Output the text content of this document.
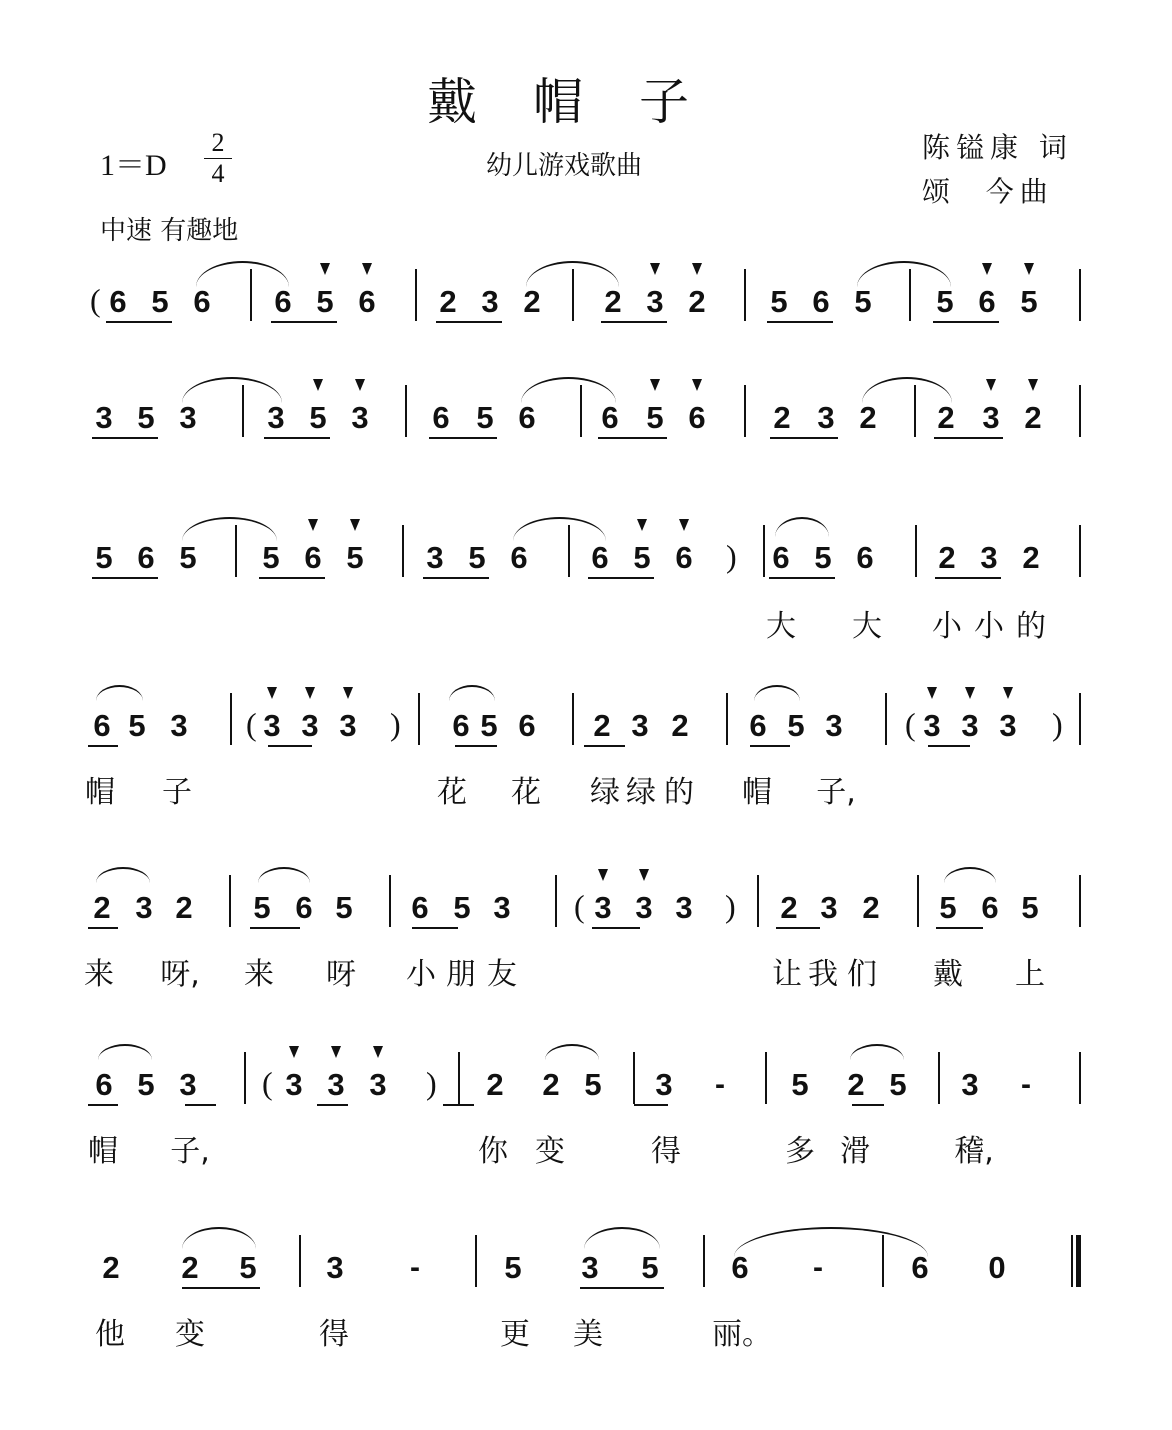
戴帽子
1＝D
2
4	幼儿游戏歌曲
陈镒康 词
颂  今曲
中速 有趣地
6 5 6 6 5 6 2 3 2 2 3 2 5 6 5 5 6 5
(
3 5 3 3 5 3 6 5 6 6 5 6 2 3 2 2 3 2
5 6 5 5 6 5 3 5 6 6 5 6	6 5 6 2 3 2
)
大 大 小 小 的
6 5 3 3 3 3	6 5 6 2 3 2 6 5 3	3 3 3
(	)	(	)
帽 子	花 花 绿 绿 的 帽 子,
2 3 2 5 6 5 6 5 3	3 3 3	2 3 2 5 6 5
(	)
来 呀, 来 呀 小 朋 友	让 我 们 戴 上
6 5 3	3 3 3	2 2 5 3 - 5 2 5 3 -
(	)
帽 子,	你 变	得	多 滑	稽,
2 2 5 3 -	5 3 5 6 -	6 0
他 变	得	更 美	丽。
